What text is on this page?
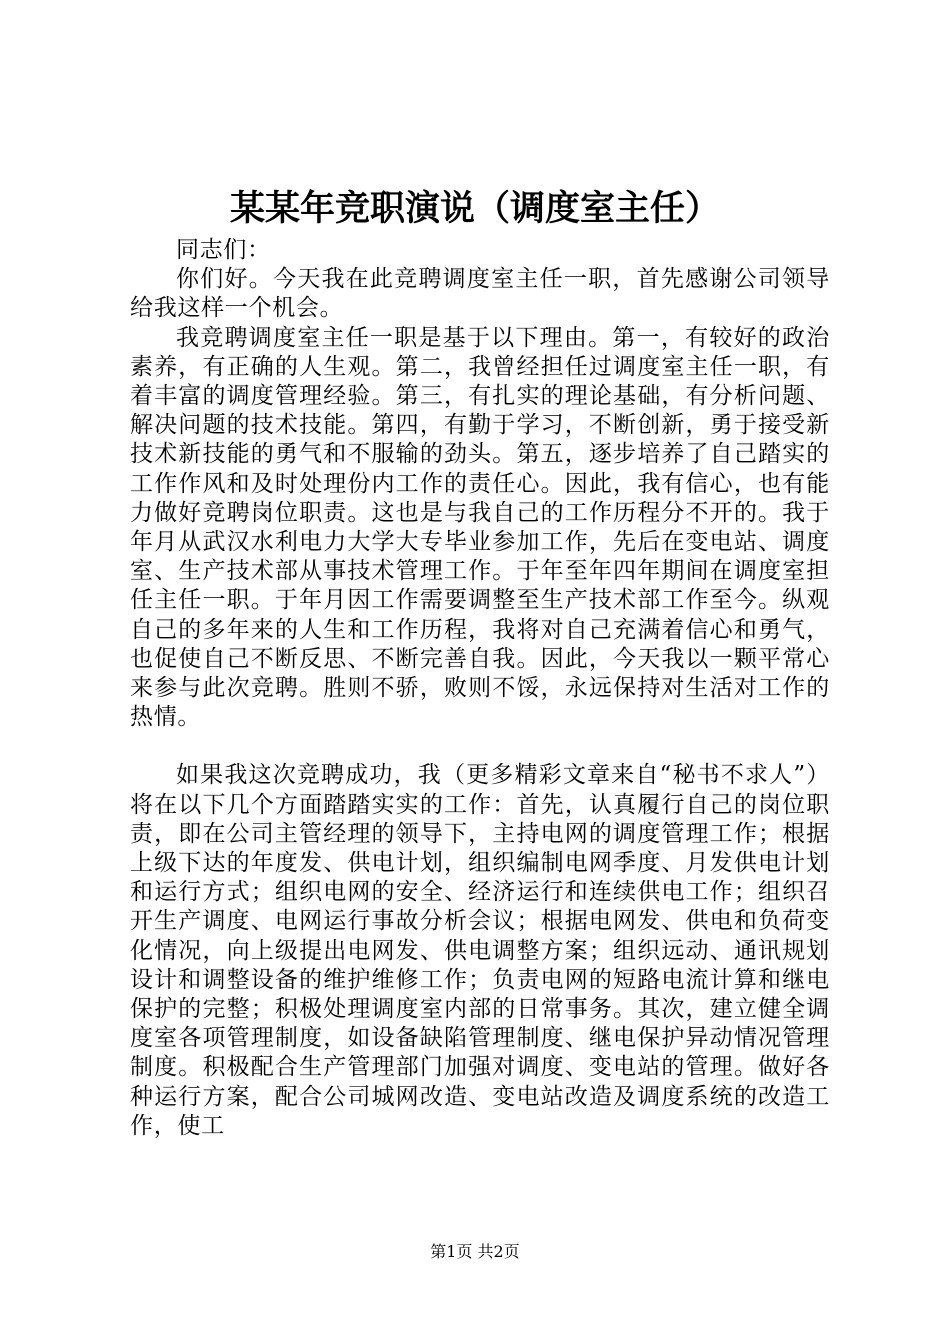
某某年竞职演说（调度室主任）

同志们：

你们好。今天我在此竞聘调度室主任一职，首先感谢公司领导给我这样一个机会。

我竞聘调度室主任一职是基于以下理由。第一，有较好的政治素养，有正确的人生观。第二，我曾经担任过调度室主任一职，有着丰富的调度管理经验。第三，有扎实的理论基础，有分析问题、解决问题的技术技能。第四，有勤于学习，不断创新，勇于接受新技术新技能的勇气和不服输的劲头。第五，逐步培养了自己踏实的工作作风和及时处理份内工作的责任心。因此，我有信心，也有能力做好竞聘岗位职责。这也是与我自己的工作历程分不开的。我于年月从武汉水利电力大学大专毕业参加工作，先后在变电站、调度室、生产技术部从事技术管理工作。于年至年四年期间在调度室担任主任一职。于年月因工作需要调整至生产技术部工作至今。纵观自己的多年来的人生和工作历程，我将对自己充满着信心和勇气，也促使自己不断反思、不断完善自我。因此，今天我以一颗平常心来参与此次竞聘。胜则不骄，败则不馁，永远保持对生活对工作的热情。

如果我这次竞聘成功，我（更多精彩文章来自“秘书不求人”）将在以下几个方面踏踏实实的工作：首先，认真履行自己的岗位职责，即在公司主管经理的领导下，主持电网的调度管理工作；根据上级下达的年度发、供电计划，组织编制电网季度、月发供电计划和运行方式；组织电网的安全、经济运行和连续供电工作；组织召开生产调度、电网运行事故分析会议；根据电网发、供电和负荷变化情况，向上级提出电网发、供电调整方案；组织远动、通讯规划设计和调整设备的维护维修工作；负责电网的短路电流计算和继电保护的完整；积极处理调度室内部的日常事务。其次，建立健全调度室各项管理制度，如设备缺陷管理制度、继电保护异动情况管理制度。积极配合生产管理部门加强对调度、变电站的管理。做好各种运行方案，配合公司城网改造、变电站改造及调度系统的改造工作，使工

第1页 共2页
